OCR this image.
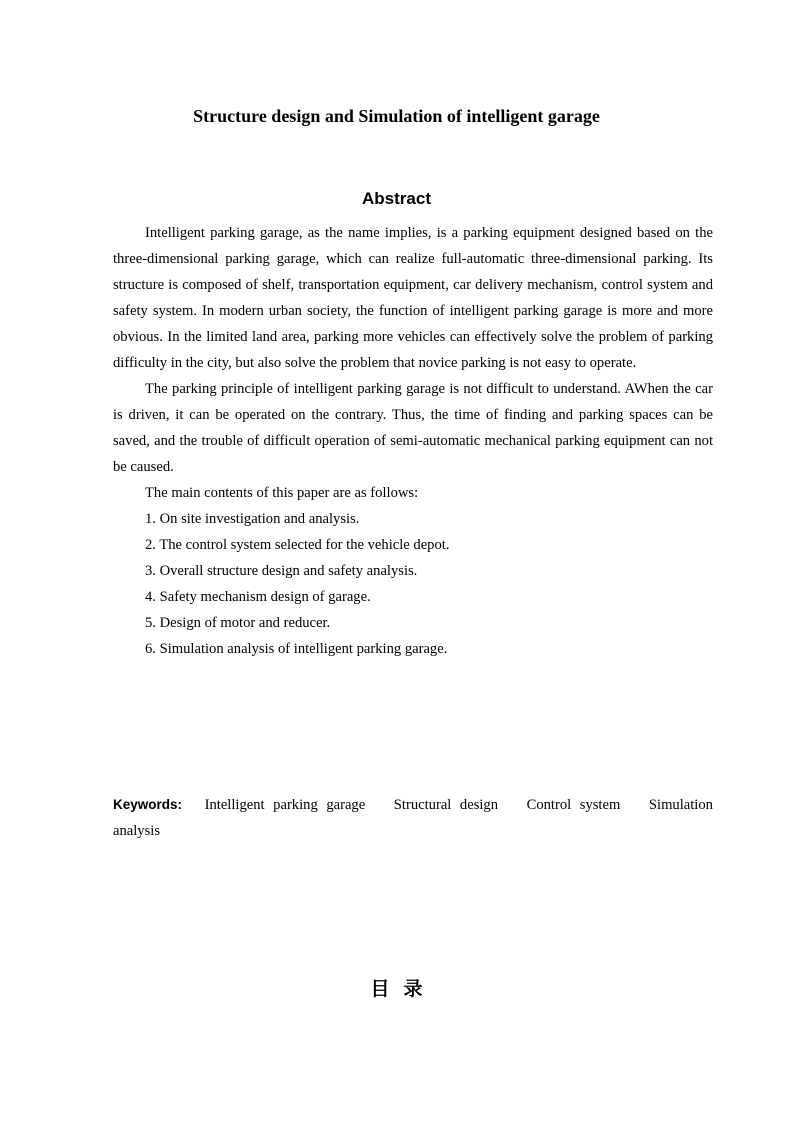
Structure design and Simulation of intelligent garage
Abstract

Intelligent parking garage, as the name implies, is a parking equipment designed based on the three-dimensional parking garage, which can realize full-automatic three-dimensional parking. Its structure is composed of shelf, transportation equipment, car delivery mechanism, control system and safety system. In modern urban society, the function of intelligent parking garage is more and more obvious. In the limited land area, parking more vehicles can effectively solve the problem of parking difficulty in the city, but also solve the problem that novice parking is not easy to operate.

The parking principle of intelligent parking garage is not difficult to understand. AWhen the car is driven, it can be operated on the contrary. Thus, the time of finding and parking spaces can be saved, and the trouble of difficult operation of semi-automatic mechanical parking equipment can not be caused.

The main contents of this paper are as follows:

1. On site investigation and analysis.
2. The control system selected for the vehicle depot.
3. Overall structure design and safety analysis.
4. Safety mechanism design of garage.
5. Design of motor and reducer.
6. Simulation analysis of intelligent parking garage.
Keywords: Intelligent parking garage Structural design Control system Simulation analysis
目录
